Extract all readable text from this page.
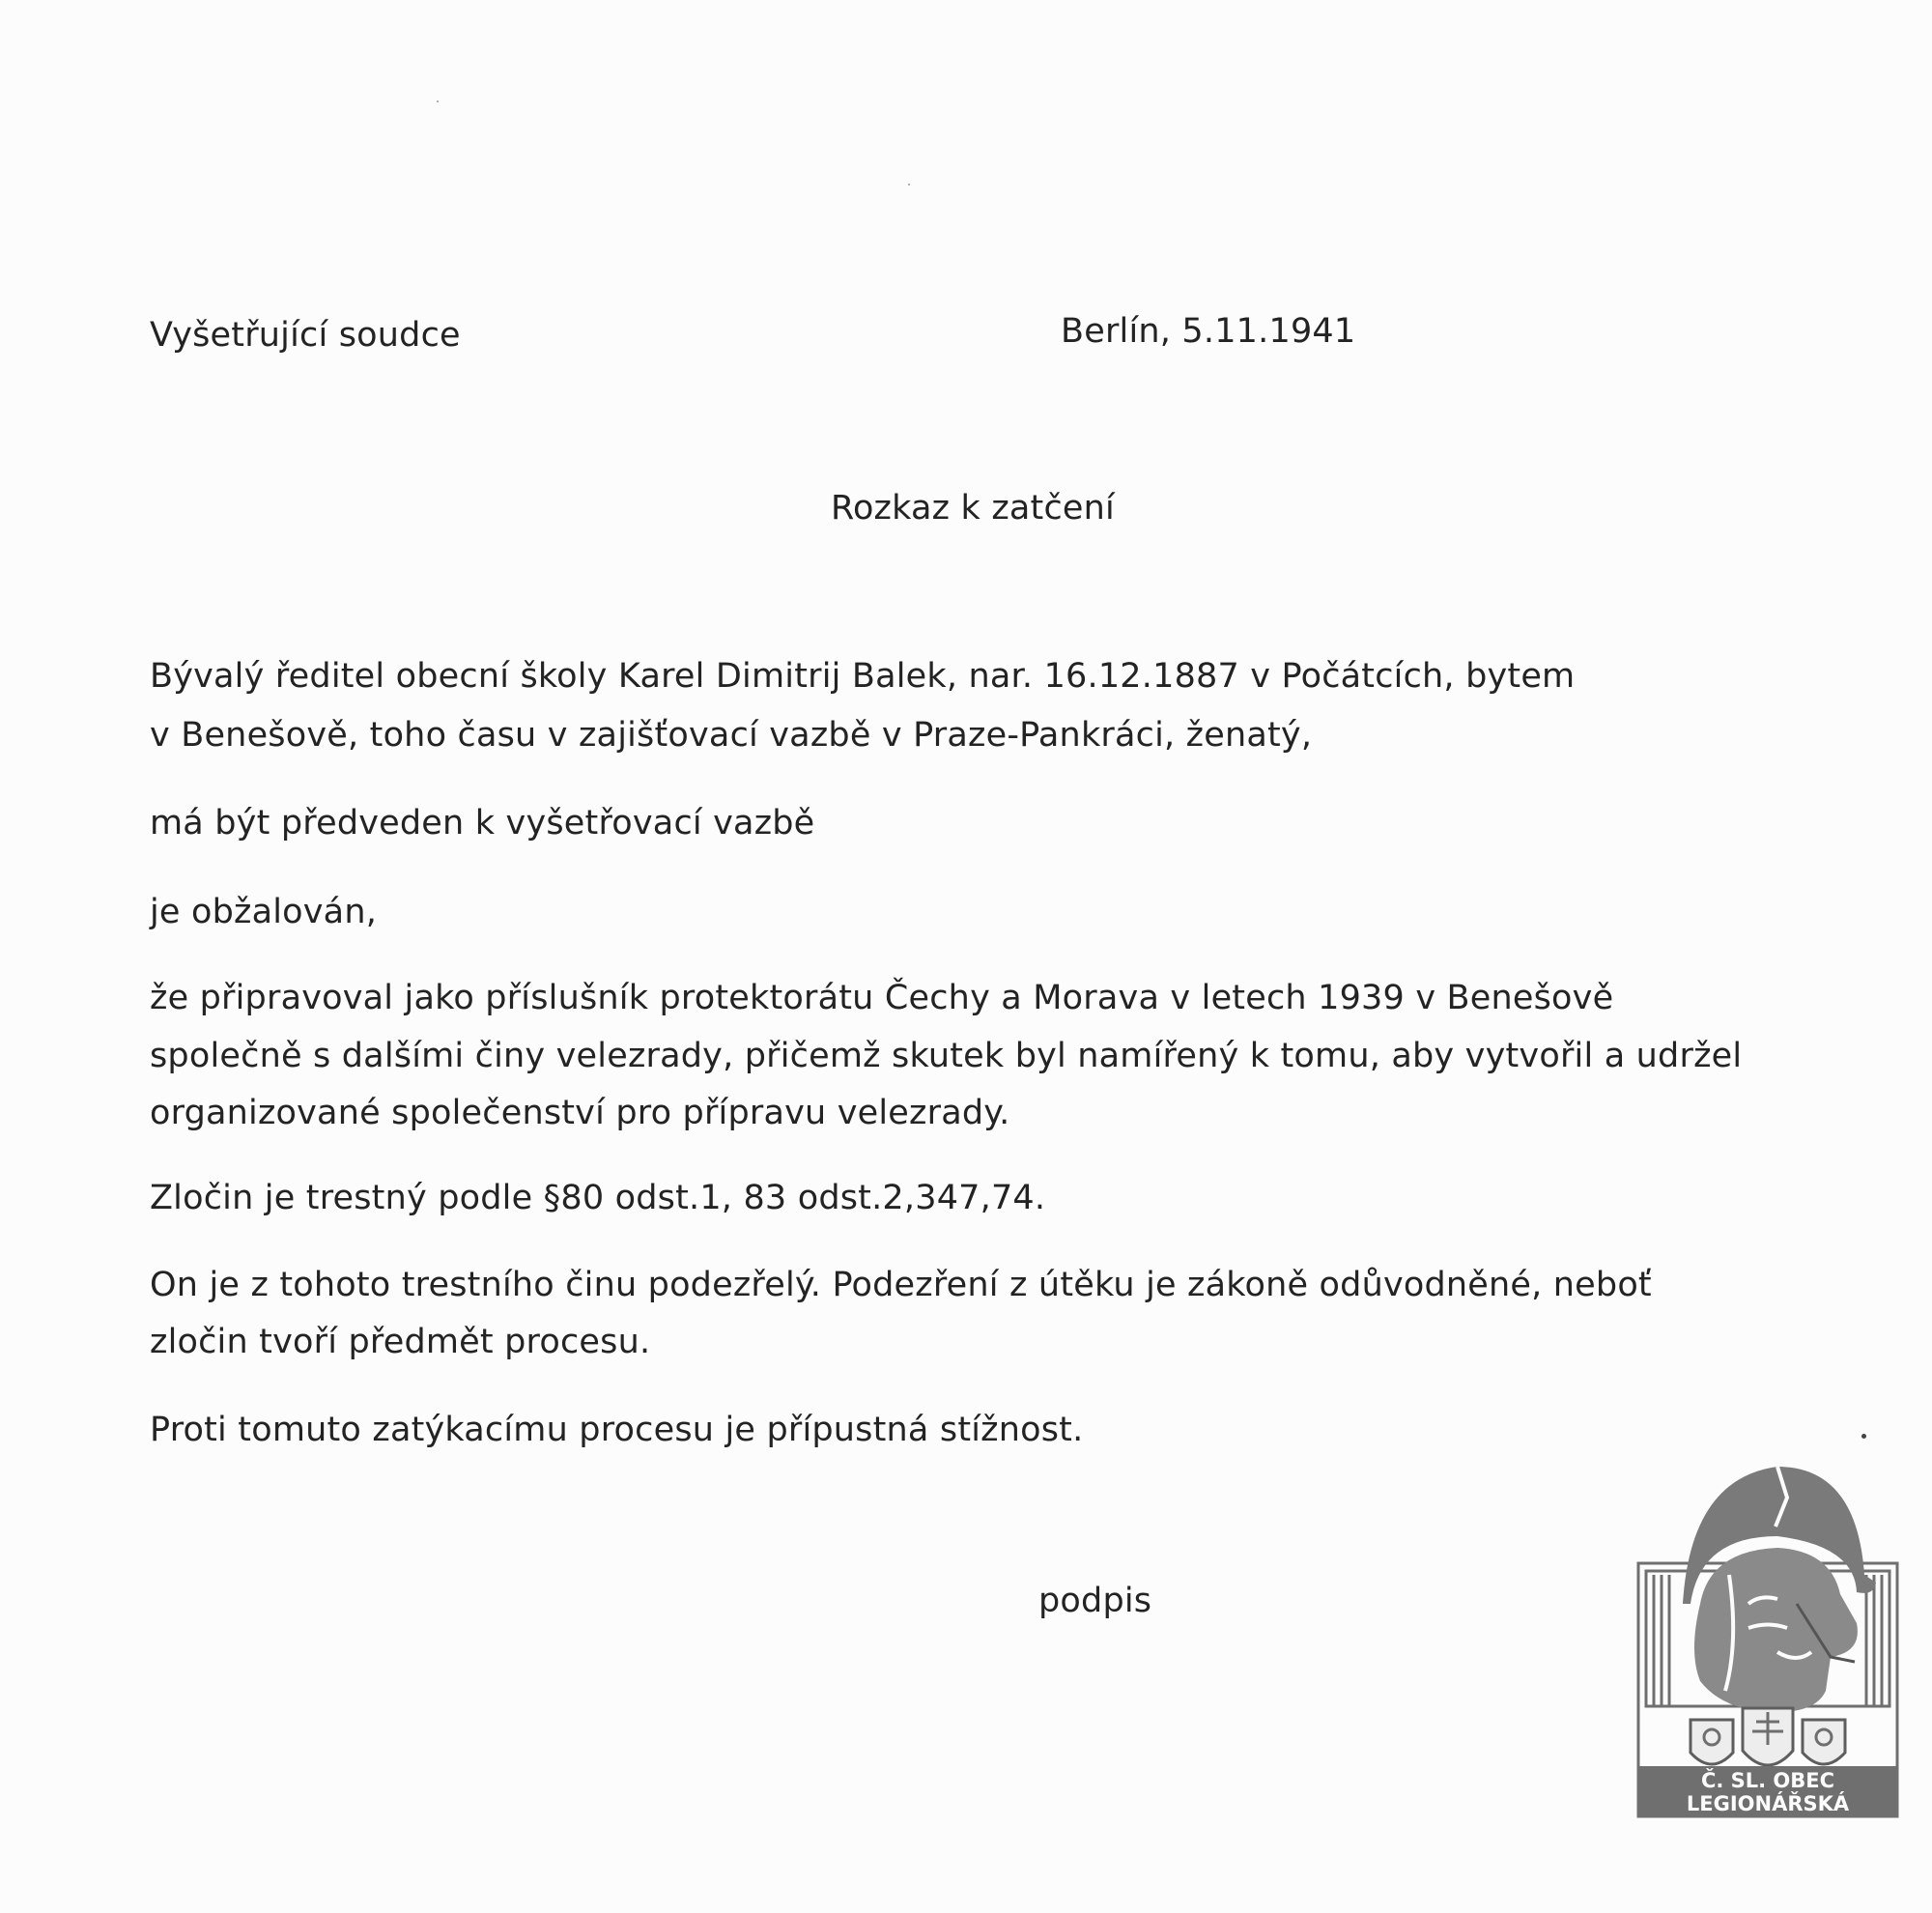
Vyšetřující soudce	Berlín, 5.11.1941
Rozkaz k zatčení
Bývalý ředitel obecní školy Karel Dimitrij Balek, nar. 16.12.1887 v Počátcích, bytem
v Benešově, toho času v zajišťovací vazbě v Praze-Pankráci, ženatý,
má být předveden k vyšetřovací vazbě
je obžalován,
že připravoval jako příslušník protektorátu Čechy a Morava v letech 1939 v Benešově
společně s dalšími činy velezrady, přičemž skutek byl namířený k tomu, aby vytvořil a udržel
organizované společenství pro přípravu velezrady.
Zločin je trestný podle §80 odst.1, 83 odst.2,347,74.
On je z tohoto trestního činu podezřelý. Podezření z útěku je zákoně odůvodněné, neboť
zločin tvoří předmět procesu.
Proti tomuto zatýkacímu procesu je přípustná stížnost.
podpis
Č. SL. OBEC
LEGIONÁŘSKÁ
